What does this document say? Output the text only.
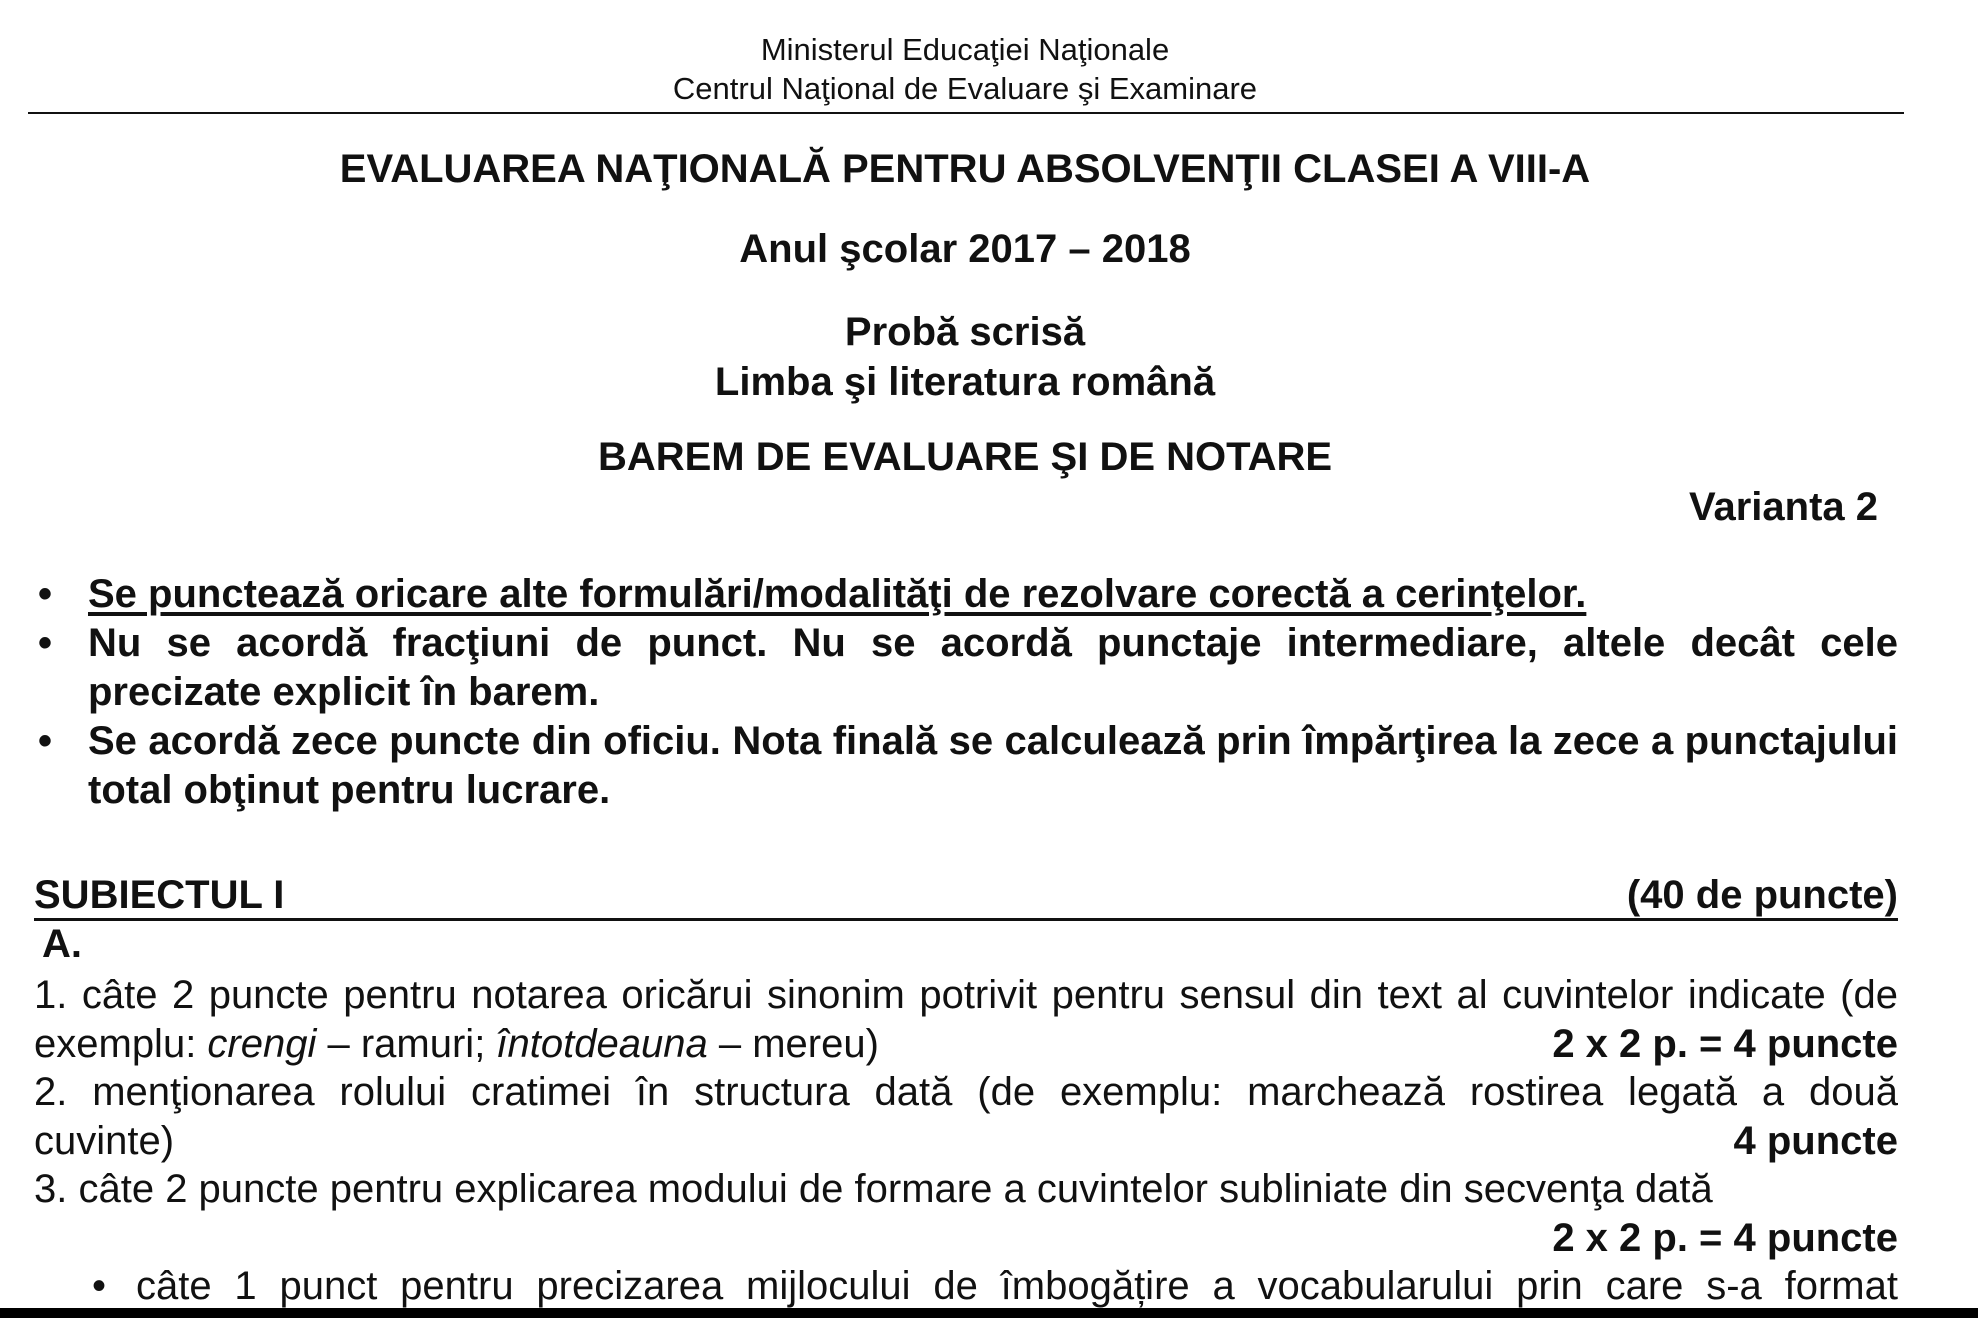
Ministerul Educaţiei Naţionale
Centrul Naţional de Evaluare şi Examinare
EVALUAREA NAŢIONALĂ PENTRU ABSOLVENŢII CLASEI A VIII-A
Anul şcolar 2017 – 2018
Probă scrisă
Limba şi literatura română
BAREM DE EVALUARE ŞI DE NOTARE
Varianta 2
• Se punctează oricare alte formulări/modalităţi de rezolvare corectă a cerinţelor.
• Nu se acordă fracţiuni de punct. Nu se acordă punctaje intermediare, altele decât cele precizate explicit în barem.
• Se acordă zece puncte din oficiu. Nota finală se calculează prin împărţirea la zece a punctajului total obţinut pentru lucrare.
SUBIECTUL I	(40 de puncte)
A.
1. câte 2 puncte pentru notarea oricărui sinonim potrivit pentru sensul din text al cuvintelor indicate (de
exemplu: crengi – ramuri; întotdeauna – mereu)	2 x 2 p. = 4 puncte
2. menţionarea rolului cratimei în structura dată (de exemplu: marchează rostirea legată a două
cuvinte)	4 puncte
3. câte 2 puncte pentru explicarea modului de formare a cuvintelor subliniate din secvenţa dată
2 x 2 p. = 4 puncte
• câte 1 punct pentru precizarea mijlocului de îmbogățire a vocabularului prin care s-a format
